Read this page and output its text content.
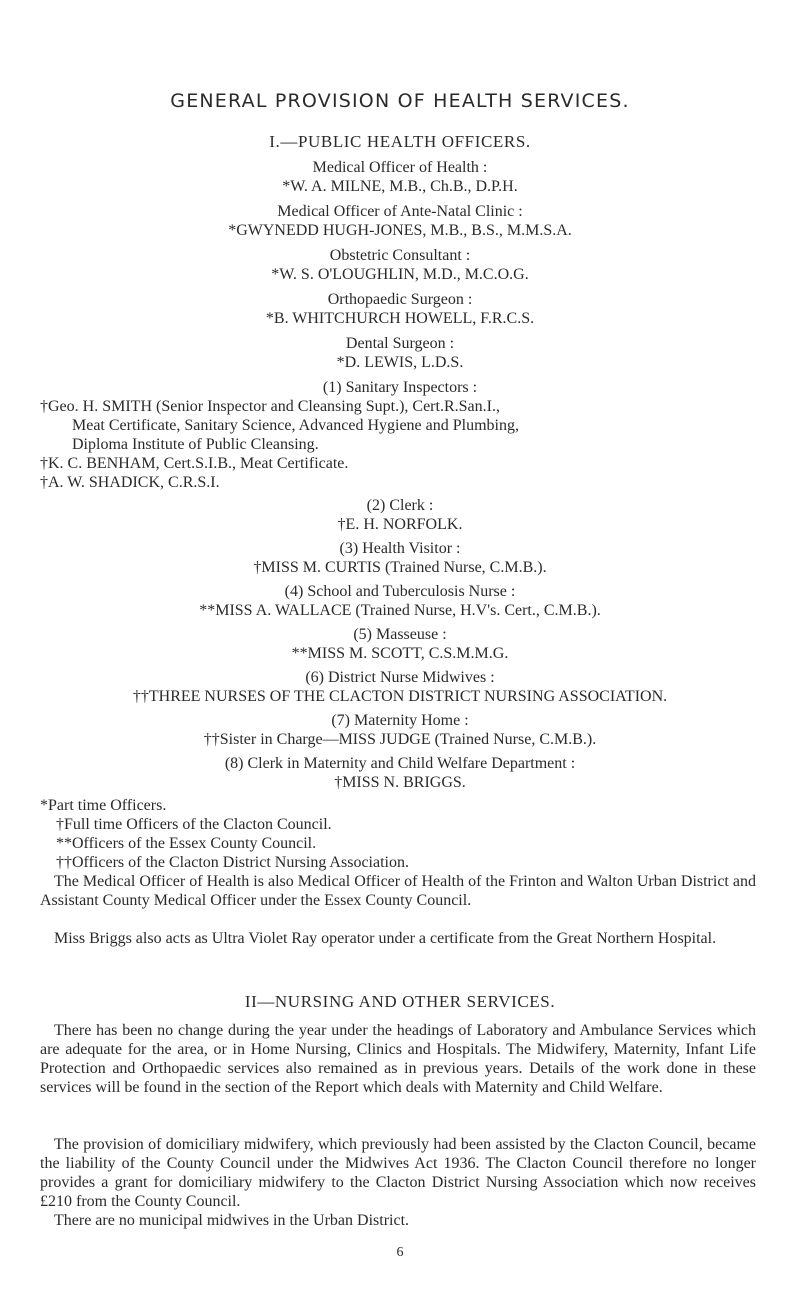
GENERAL PROVISION OF HEALTH SERVICES.
I.—PUBLIC HEALTH OFFICERS.
Medical Officer of Health :
*W. A. MILNE, M.B., Ch.B., D.P.H.
Medical Officer of Ante-Natal Clinic :
*GWYNEDD HUGH-JONES, M.B., B.S., M.M.S.A.
Obstetric Consultant :
*W. S. O'LOUGHLIN, M.D., M.C.O.G.
Orthopaedic Surgeon :
*B. WHITCHURCH HOWELL, F.R.C.S.
Dental Surgeon :
*D. LEWIS, L.D.S.
(1) Sanitary Inspectors :
†Geo. H. SMITH (Senior Inspector and Cleansing Supt.), Cert.R.San.I.,
Meat Certificate, Sanitary Science, Advanced Hygiene and Plumbing,
Diploma Institute of Public Cleansing.
†K. C. BENHAM, Cert.S.I.B., Meat Certificate.
†A. W. SHADICK, C.R.S.I.
(2) Clerk :
†E. H. NORFOLK.
(3) Health Visitor :
†MISS M. CURTIS (Trained Nurse, C.M.B.).
(4) School and Tuberculosis Nurse :
**MISS A. WALLACE (Trained Nurse, H.V's. Cert., C.M.B.).
(5) Masseuse :
**MISS M. SCOTT, C.S.M.M.G.
(6) District Nurse Midwives :
††THREE NURSES OF THE CLACTON DISTRICT NURSING ASSOCIATION.
(7) Maternity Home :
††Sister in Charge—MISS JUDGE (Trained Nurse, C.M.B.).
(8) Clerk in Maternity and Child Welfare Department :
†MISS N. BRIGGS.
*Part time Officers.
†Full time Officers of the Clacton Council.
**Officers of the Essex County Council.
††Officers of the Clacton District Nursing Association.
The Medical Officer of Health is also Medical Officer of Health of the Frinton and Walton Urban District and Assistant County Medical Officer under the Essex County Council.
Miss Briggs also acts as Ultra Violet Ray operator under a certificate from the Great Northern Hospital.
II—NURSING AND OTHER SERVICES.
There has been no change during the year under the headings of Laboratory and Ambulance Services which are adequate for the area, or in Home Nursing, Clinics and Hospitals. The Midwifery, Maternity, Infant Life Protection and Orthopaedic services also remained as in previous years. Details of the work done in these services will be found in the section of the Report which deals with Maternity and Child Welfare.
The provision of domiciliary midwifery, which previously had been assisted by the Clacton Council, became the liability of the County Council under the Midwives Act 1936. The Clacton Council therefore no longer provides a grant for domiciliary midwifery to the Clacton District Nursing Association which now receives £210 from the County Council.
There are no municipal midwives in the Urban District.
6
